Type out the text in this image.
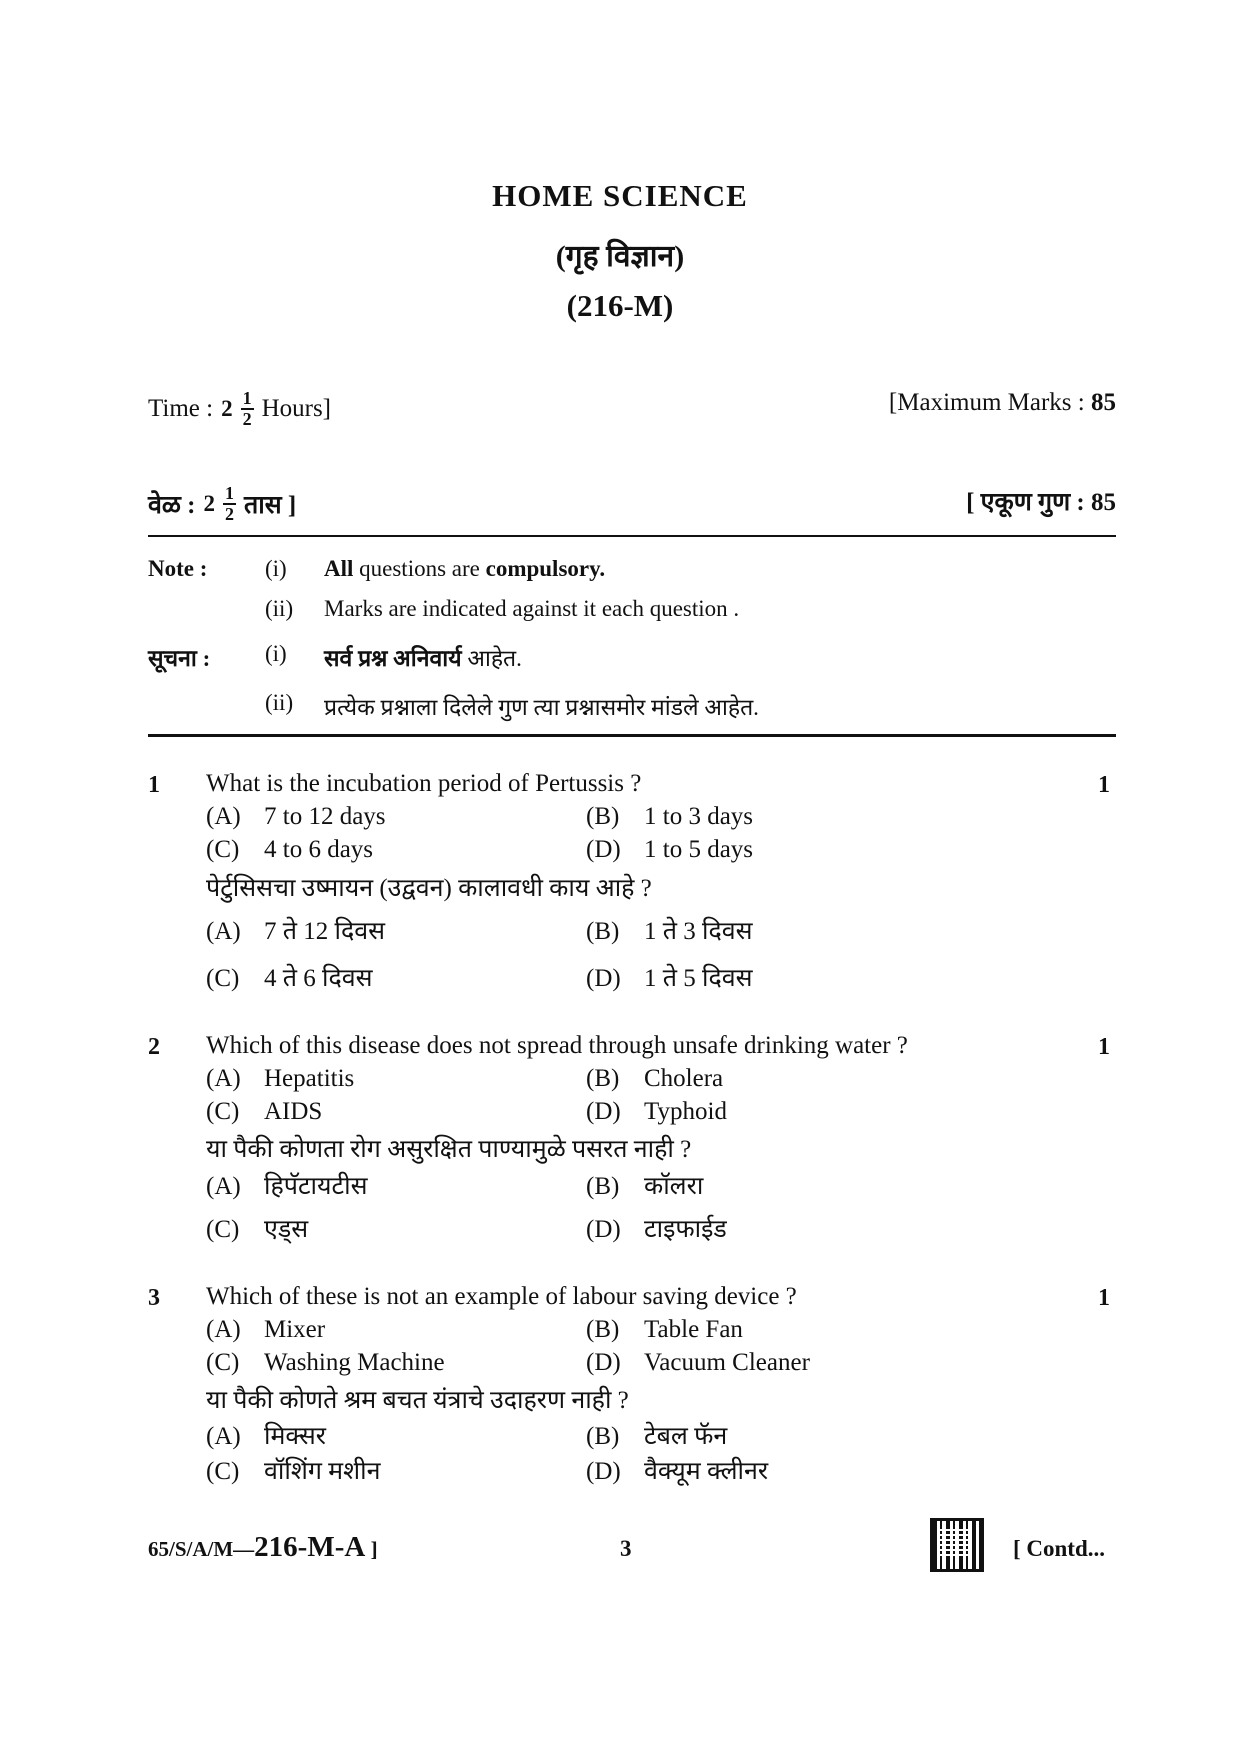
HOME SCIENCE
(गृह विज्ञान)
(216-M)
Time : $2 \frac{1}{2}$ Hours]	[Maximum Marks : 85
वेळ : $2 \frac{1}{2}$ तास ]	[ एकूण गुण : 85
Note :	(i) All questions are compulsory.
(ii) Marks are indicated against it each question .
सूचना : (i) सर्व प्रश्न अनिवार्य आहेत.
(ii) प्रत्येक प्रश्नाला दिलेले गुण त्या प्रश्नासमोर मांडले आहेत.
1	1
What is the incubation period of Pertussis ?
(A) 7 to 12 days	(B) 1 to 3 days
(C) 4 to 6 days	(D) 1 to 5 days
पेर्टुसिसचा उष्मायन (उद्ववन) कालावधी काय आहे ?
(A) 7 ते 12 दिवस	(B) 1 ते 3 दिवस
(C) 4 ते 6 दिवस	(D) 1 ते 5 दिवस
2	1
Which of this disease does not spread through unsafe drinking water ?
(A) Hepatitis	(B) Cholera
(C) AIDS	(D) Typhoid
या पैकी कोणता रोग असुरक्षित पाण्यामुळे पसरत नाही ?
(A) हिपॅटायटीस	(B) कॉलरा
(C) एड्स	(D) टाइफाईड
3	1
Which of these is not an example of labour saving device ?
(A) Mixer	(B) Table Fan
(C) Washing Machine	(D) Vacuum Cleaner
या पैकी कोणते श्रम बचत यंत्राचे उदाहरण नाही ?
(A) मिक्सर	(B) टेबल फॅन
(C) वॉशिंग मशीन	(D) वैक्यूम क्लीनर
65/S/A/M—216-M-A ]	3	[ Contd...
